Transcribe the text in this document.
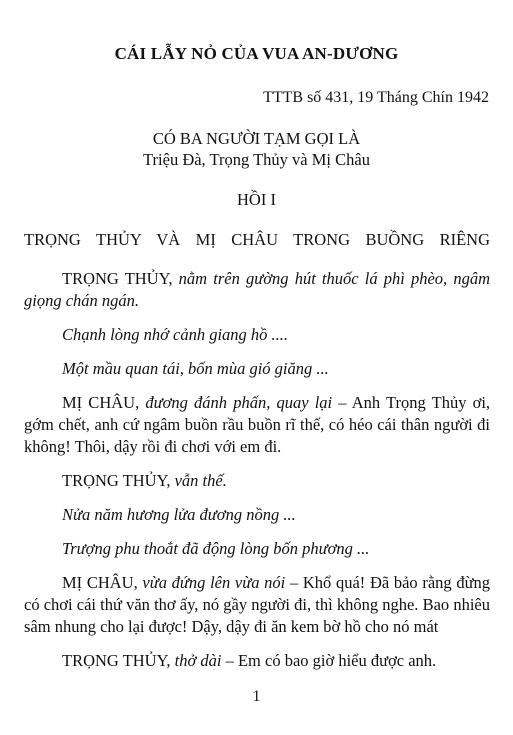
CÁI LẪY NỎ CỦA VUA AN-DƯƠNG
TTTB số 431, 19 Tháng Chín 1942
CÓ BA NGƯỜI TẠM GỌI LÀ
Triệu Đà, Trọng Thủy và Mị Châu
HỒI I
TRỌNG THỦY VÀ MỊ CHÂU TRONG BUỒNG RIÊNG

TRỌNG THỦY, nằm trên gường hút thuốc lá phì phèo, ngâm giọng chán ngán.

Chạnh lòng nhớ cảnh giang hồ ....

Một mầu quan tái, bốn mùa gió giăng ...

MỊ CHÂU, đương đánh phấn, quay lại – Anh Trọng Thủy ơi, gớm chết, anh cứ ngâm buồn rầu buồn rĩ thế, có héo cái thân người đi không! Thôi, dậy rồi đi chơi với em đi.

TRỌNG THỦY, vẫn thế.

Nửa năm hương lửa đương nồng ...

Trượng phu thoắt đã động lòng bốn phương ...

MỊ CHÂU, vừa đứng lên vừa nói – Khổ quá! Đã bảo rằng đừng có chơi cái thứ văn thơ ấy, nó gầy người đi, thì không nghe. Bao nhiêu sâm nhung cho lại được! Dậy, dậy đi ăn kem bờ hồ cho nó mát

TRỌNG THỦY, thở dài – Em có bao giờ hiểu được anh.

1
